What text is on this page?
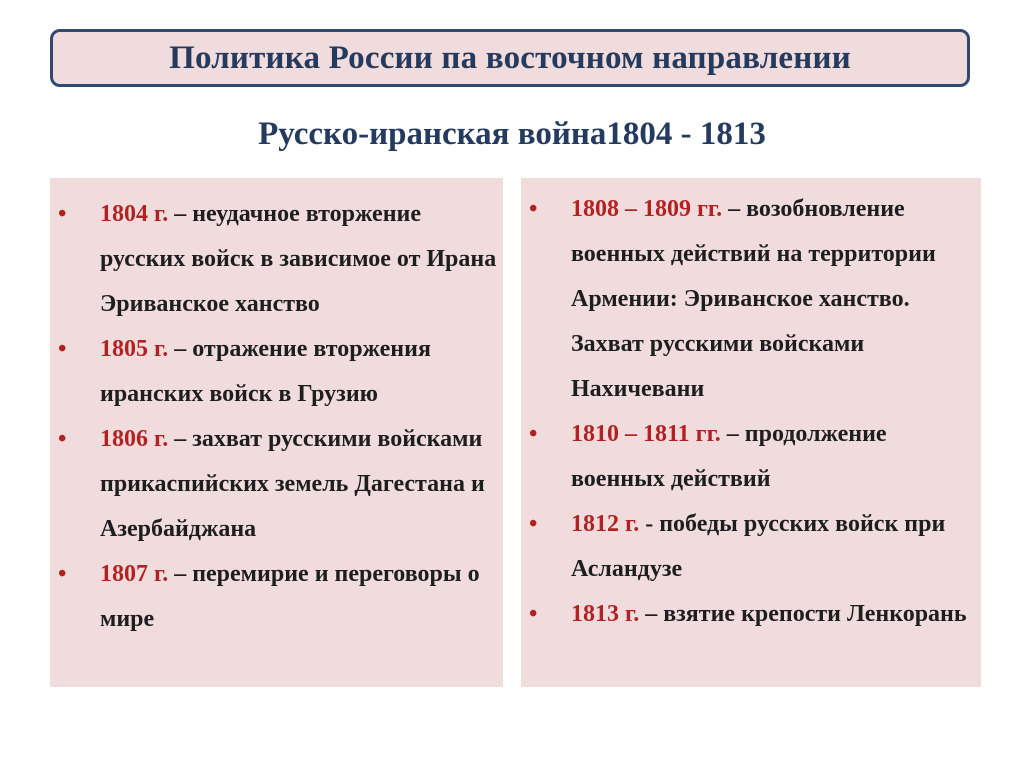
Политика России па восточном направлении
Русско-иранская война1804 - 1813
• 1804 г. – неудачное вторжение русских войск в зависимое от Ирана Эриванское ханство
• 1805 г. – отражение вторжения иранских войск в Грузию
• 1806 г. – захват русскими войсками прикаспийских земель Дагестана и Азербайджана
• 1807 г. – перемирие и переговоры о мире
• 1808 – 1809 гг. – возобновление военных действий на территории Армении: Эриванское ханство. Захват русскими войсками Нахичевани
• 1810 – 1811 гг. – продолжение военных действий
• 1812 г. - победы русских войск при Асландузе
• 1813 г. – взятие крепости Ленкорань
